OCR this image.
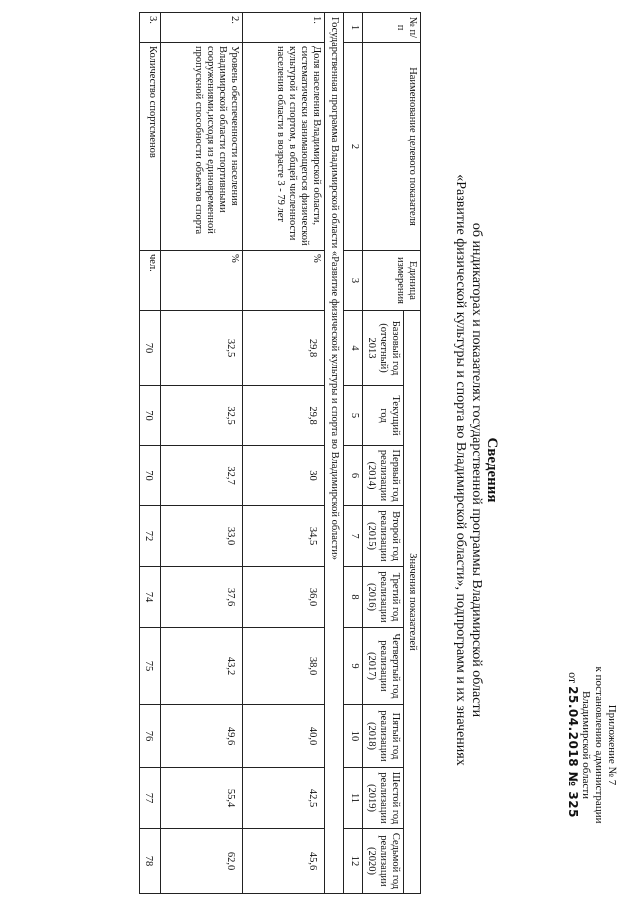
Приложение № 7
к постановлению администрации
Владимирской области
от 25.04.2018 № 325
Сведения
об индикаторах и показателях государственной программы Владимирской области
«Развитие физической культуры и спорта во Владимирской области», подпрограмм и их значениях
№ п/п	Наименование целевого показателя	Единица измерения	Значения показателей								
			Базовый год (отчетный) 2013	Текущий год	Первый год реализации (2014)	Второй год реализации (2015)	Третий год реализации (2016)	Четвертый год реализации (2017)	Пятый год реализации (2018)	Шестой год реализации (2019)	Седьмой год реализации (2020)
1	2	3	4	5	6	7	8	9	10	11	12
Государственная программа Владимирской области «Развитие физической культуры и спорта во Владимирской области»											
1.	Доля населения Владимирской области, систематически занимающегося физической культурой и спортом, в общей численности населения области в возрасте 3 - 79 лет	%	29,8	29,8	30	34,5	36,0	38,0	40,0	42,5	45,6
2.	Уровень обеспеченности населения Владимирской области спортивными сооружениями,исходя из единовременной пропускной способности объектов спорта	%	32,5	32,5	32,7	33,0	37,6	43,2	49,6	55,4	62,0
3.	Количество спортсменов	чел.	70	70	70	72	74	75	76	77	78
